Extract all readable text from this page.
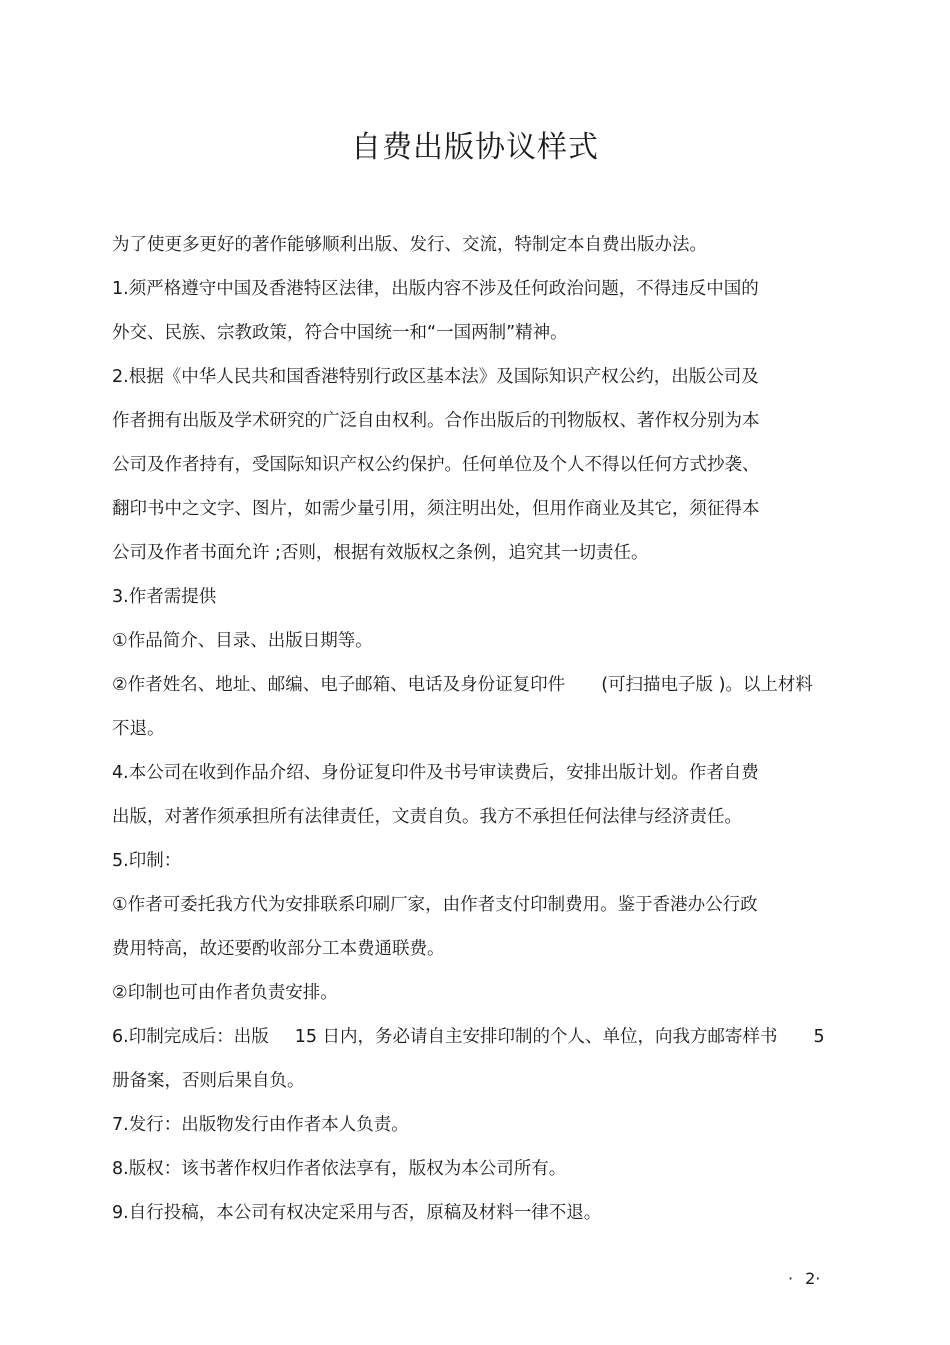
自费出版协议样式
为了使更多更好的著作能够顺利出版、发行、交流，特制定本自费出版办法。
1.须严格遵守中国及香港特区法律，出版内容不涉及任何政治问题，不得违反中国的
外交、民族、宗教政策，符合中国统一和“一国两制”精神。
2.根据《中华人民共和国香港特别行政区基本法》及国际知识产权公约，出版公司及
作者拥有出版及学术研究的广泛自由权利。合作出版后的刊物版权、著作权分别为本
公司及作者持有，受国际知识产权公约保护。任何单位及个人不得以任何方式抄袭、
翻印书中之文字、图片，如需少量引用，须注明出处，但用作商业及其它，须征得本
公司及作者书面允许 ;否则，根据有效版权之条例，追究其一切责任。
3.作者需提供
①作品简介、目录、出版日期等。
②作者姓名、地址、邮编、电子邮箱、电话及身份证复印件 (可扫描电子版 )。以上材料
不退。
4.本公司在收到作品介绍、身份证复印件及书号审读费后，安排出版计划。作者自费
出版，对著作须承担所有法律责任，文责自负。我方不承担任何法律与经济责任。
5.印制：
①作者可委托我方代为安排联系印刷厂家，由作者支付印制费用。鉴于香港办公行政
费用特高，故还要酌收部分工本费通联费。
②印制也可由作者负责安排。
6.印制完成后：出版 15 日内，务必请自主安排印制的个人、单位，向我方邮寄样书 5
册备案，否则后果自负。
7.发行：出版物发行由作者本人负责。
8.版权：该书著作权归作者依法享有，版权为本公司所有。
9.自行投稿，本公司有权决定采用与否，原稿及材料一律不退。
· 2·
